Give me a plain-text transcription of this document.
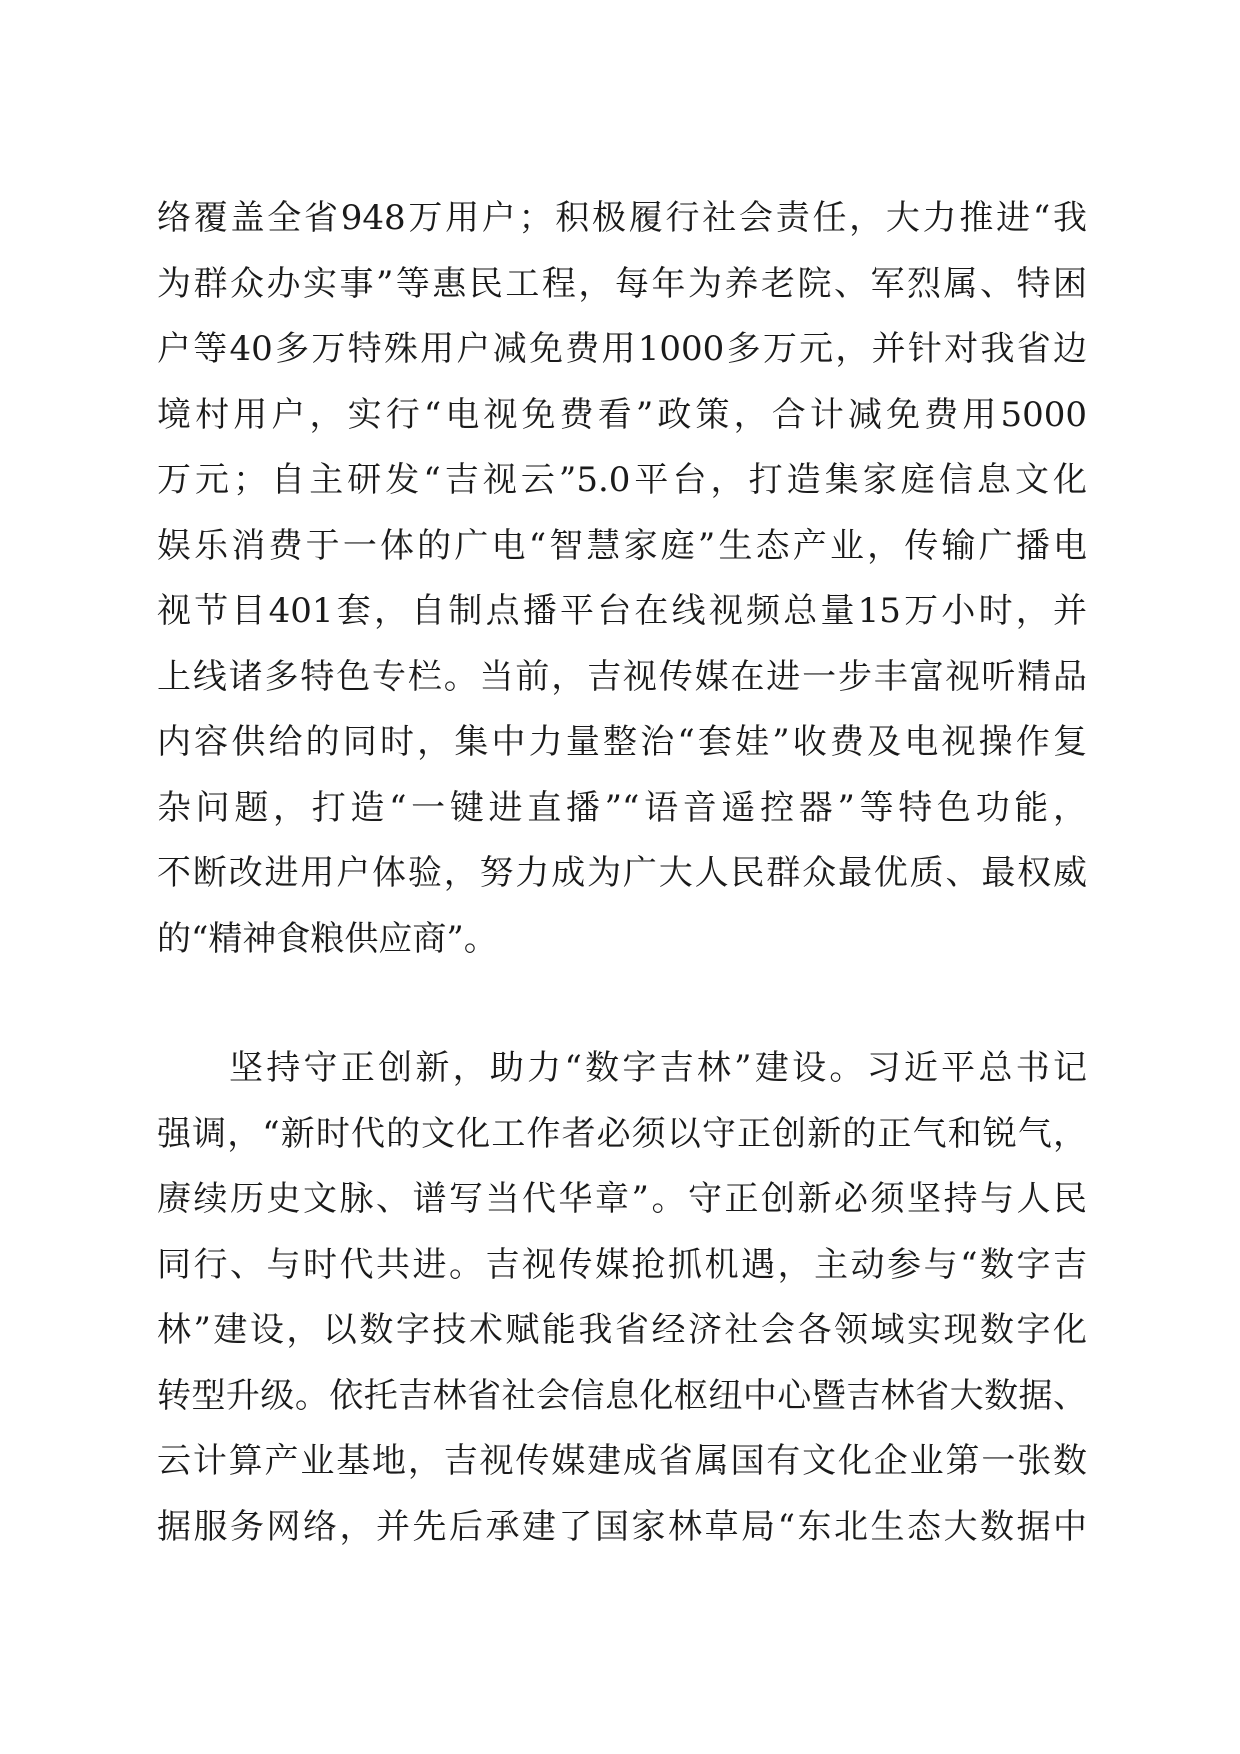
络覆盖全省948万用户；积极履行社会责任，大力推进“我
为群众办实事”等惠民工程，每年为养老院、军烈属、特困
户等40多万特殊用户减免费用1000多万元，并针对我省边
境村用户，实行“电视免费看”政策，合计减免费用5000
万元；自主研发“吉视云”5.0平台，打造集家庭信息文化
娱乐消费于一体的广电“智慧家庭”生态产业，传输广播电
视节目401套，自制点播平台在线视频总量15万小时，并
上线诸多特色专栏。当前，吉视传媒在进一步丰富视听精品
内容供给的同时，集中力量整治“套娃”收费及电视操作复
杂问题，打造“一键进直播”“语音遥控器”等特色功能，
不断改进用户体验，努力成为广大人民群众最优质、最权威
的“精神食粮供应商”。
坚持守正创新，助力“数字吉林”建设。习近平总书记
强调，“新时代的文化工作者必须以守正创新的正气和锐气，
赓续历史文脉、谱写当代华章”。守正创新必须坚持与人民
同行、与时代共进。吉视传媒抢抓机遇，主动参与“数字吉
林”建设，以数字技术赋能我省经济社会各领域实现数字化
转型升级。依托吉林省社会信息化枢纽中心暨吉林省大数据、
云计算产业基地，吉视传媒建成省属国有文化企业第一张数
据服务网络，并先后承建了国家林草局“东北生态大数据中
